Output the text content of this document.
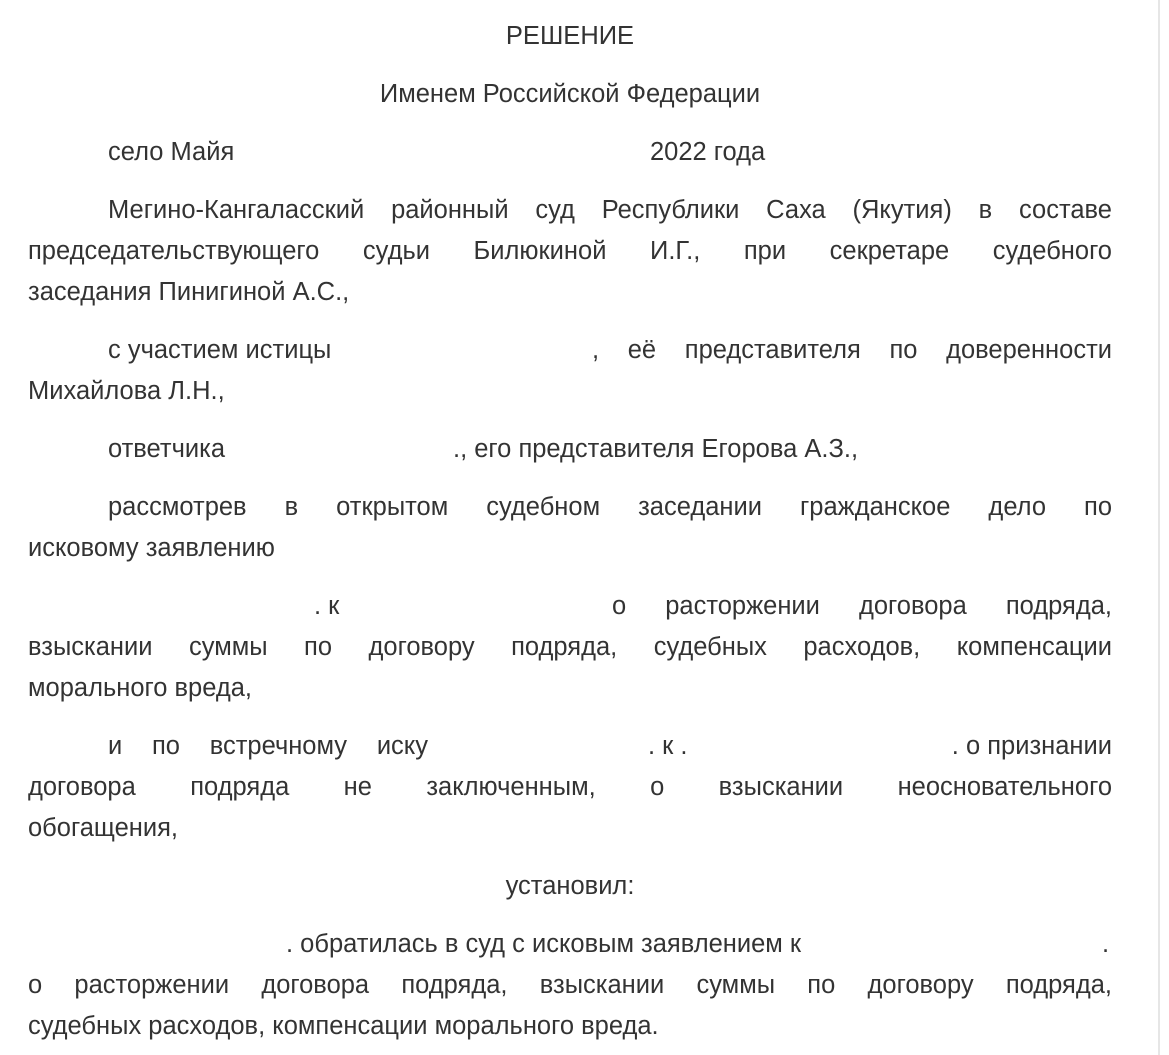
РЕШЕНИЕ
Именем Российской Федерации
село Майя	2022 года
Мегино-Кангаласский районный суд Республики Саха (Якутия) в составе
председательствующего судьи Билюкиной И.Г., при секретаре судебного
заседания Пинигиной А.С.,
с участием истицы	, её представителя по доверенности
Михайлова Л.Н.,
ответчика	., его представителя Егорова А.З.,
рассмотрев в открытом судебном заседании гражданское дело по
исковому заявлению
. к	о расторжении договора подряда,
взыскании суммы по договору подряда, судебных расходов, компенсации
морального вреда,
и по встречному иску	. к .	. о признании
договора подряда не заключенным, о взыскании неосновательного
обогащения,
установил:
. обратилась в суд с исковым заявлением к	.
о расторжении договора подряда, взыскании суммы по договору подряда,
судебных расходов, компенсации морального вреда.
